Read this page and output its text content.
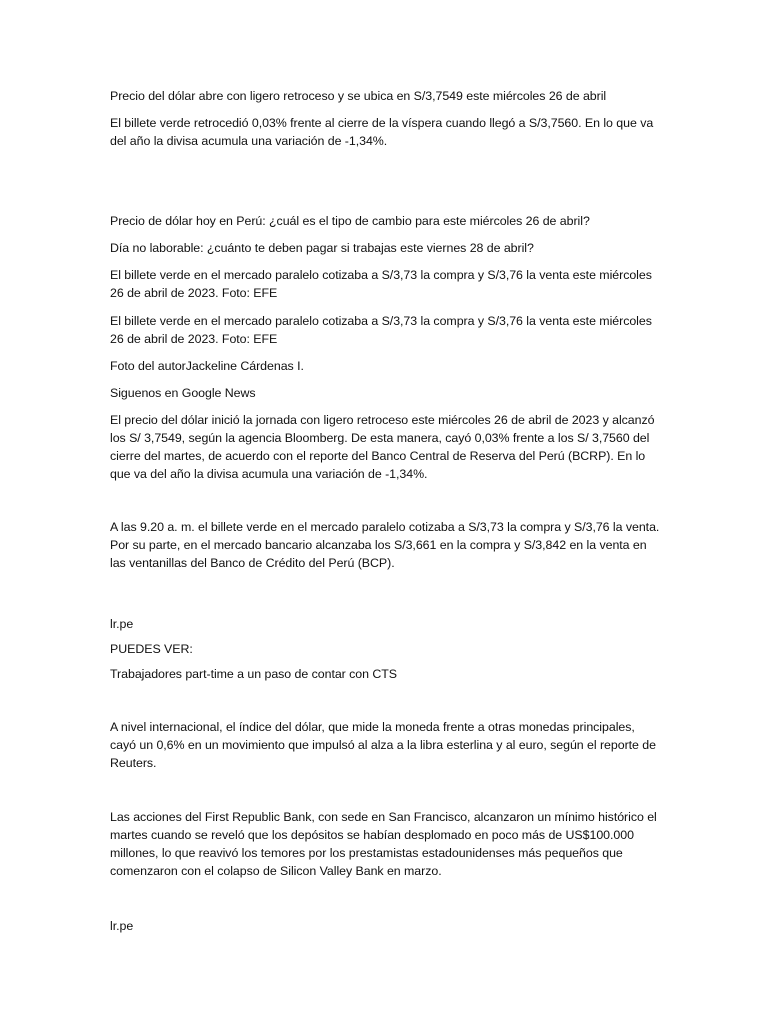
Precio del dólar abre con ligero retroceso y se ubica en S/3,7549 este miércoles 26 de abril

El billete verde retrocedió 0,03% frente al cierre de la víspera cuando llegó a S/3,7560. En lo que va del año la divisa acumula una variación de -1,34%.

Precio de dólar hoy en Perú: ¿cuál es el tipo de cambio para este miércoles 26 de abril?

Día no laborable: ¿cuánto te deben pagar si trabajas este viernes 28 de abril?

El billete verde en el mercado paralelo cotizaba a S/3,73 la compra y S/3,76 la venta este miércoles 26 de abril de 2023. Foto: EFE

El billete verde en el mercado paralelo cotizaba a S/3,73 la compra y S/3,76 la venta este miércoles 26 de abril de 2023. Foto: EFE

Foto del autorJackeline Cárdenas I.

Siguenos en Google News

El precio del dólar inició la jornada con ligero retroceso este miércoles 26 de abril de 2023 y alcanzó los S/ 3,7549, según la agencia Bloomberg. De esta manera, cayó 0,03% frente a los S/ 3,7560 del cierre del martes, de acuerdo con el reporte del Banco Central de Reserva del Perú (BCRP). En lo que va del año la divisa acumula una variación de -1,34%.

A las 9.20 a. m. el billete verde en el mercado paralelo cotizaba a S/3,73 la compra y S/3,76 la venta. Por su parte, en el mercado bancario alcanzaba los S/3,661 en la compra y S/3,842 en la venta en las ventanillas del Banco de Crédito del Perú (BCP).

lr.pe

PUEDES VER:

Trabajadores part-time a un paso de contar con CTS

A nivel internacional, el índice del dólar, que mide la moneda frente a otras monedas principales, cayó un 0,6% en un movimiento que impulsó al alza a la libra esterlina y al euro, según el reporte de Reuters.

Las acciones del First Republic Bank, con sede en San Francisco, alcanzaron un mínimo histórico el martes cuando se reveló que los depósitos se habían desplomado en poco más de US$100.000 millones, lo que reavivó los temores por los prestamistas estadounidenses más pequeños que comenzaron con el colapso de Silicon Valley Bank en marzo.

lr.pe
